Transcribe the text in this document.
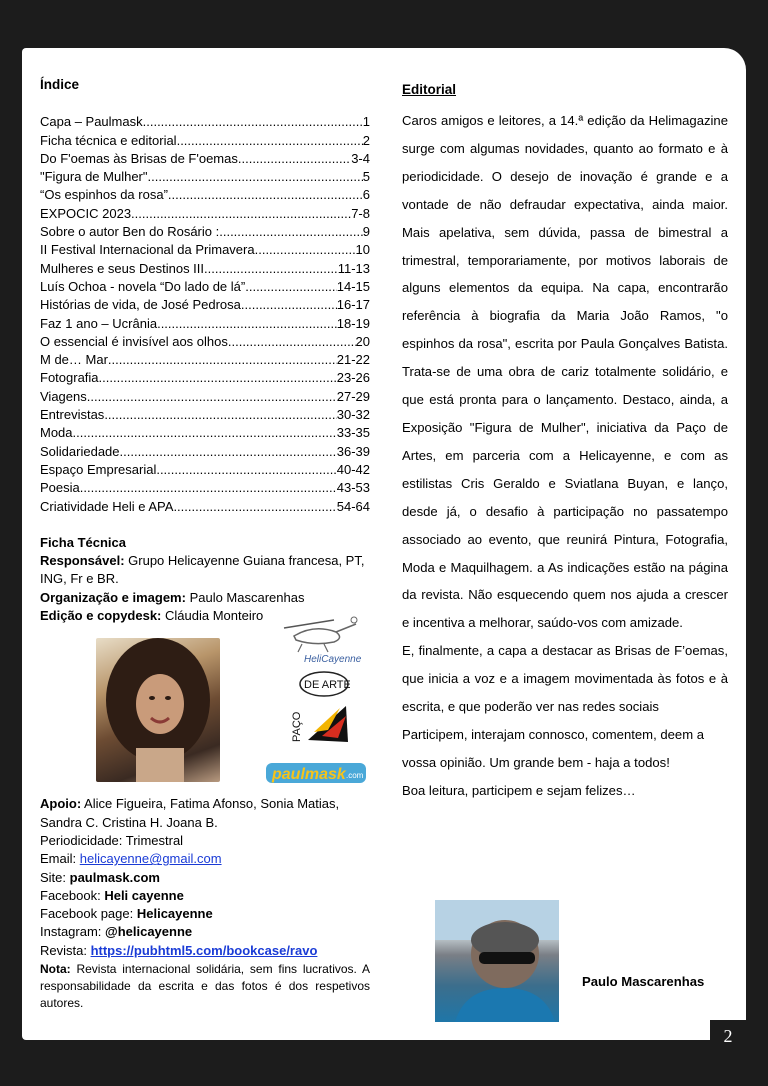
Índice
Capa – Paulmask .....	1
Ficha técnica e editorial .....	2
Do F'oemas às Brisas de F'oemas .....	3-4
"Figura de Mulher" .....	5
“Os espinhos da rosa” .....	6
EXPOCIC 2023 .....	7-8
Sobre o autor Ben do Rosário : .....	9
II Festival Internacional da Primavera .....	10
Mulheres e seus Destinos III .....	11-13
Luís Ochoa - novela “Do lado de lá” .....	14-15
Histórias de vida, de José Pedrosa .....	16-17
Faz 1 ano – Ucrânia .....	18-19
O essencial é invisível aos olhos .....	20
M de… Mar .....	21-22
Fotografia .....	23-26
Viagens .....	27-29
Entrevistas .....	30-32
Moda .....	33-35
Solidariedade .....	36-39
Espaço Empresarial .....	40-42
Poesia .....	43-53
Criatividade Heli e APA .....	54-64
Ficha Técnica
Responsável: Grupo Helicayenne Guiana francesa, PT, ING, Fr e BR.
Organização e imagem: Paulo Mascarenhas
Edição e copydesk: Cláudia Monteiro
Apoio: Alice Figueira, Fatima Afonso, Sonia Matias, Sandra C. Cristina H. Joana B.
Periodicidade: Trimestral
Email: helicayenne@gmail.com
Site: paulmask.com
Facebook: Heli cayenne
Facebook page: Helicayenne
Instagram: @helicayenne
Revista: https://pubhtml5.com/bookcase/ravo
Nota: Revista internacional solidária, sem fins lucrativos. A responsabilidade da escrita e das fotos é dos respetivos autores.
HeliCayenne
DE ARTE
PAÇO
paulmask .com
Editorial

Caros amigos e leitores, a 14.ª edição da Helimagazine surge com algumas novidades, quanto ao formato e à periodicidade. O desejo de inovação é grande e a vontade de não defraudar expectativa, ainda maior. Mais apelativa, sem dúvida, passa de bimestral a trimestral, temporariamente, por motivos laborais de alguns elementos da equipa. Na capa, encontrarão referência à biografia da Maria João Ramos, "o espinhos da rosa", escrita por Paula Gonçalves Batista. Trata-se de uma obra de cariz totalmente solidário, e que está pronta para o lançamento. Destaco, ainda, a Exposição "Figura de Mulher", iniciativa da Paço de Artes, em parceria com a Helicayenne, e com as estilistas Cris Geraldo e Sviatlana Buyan, e lanço, desde já, o desafio à participação no passatempo associado ao evento, que reunirá Pintura, Fotografia, Moda e Maquilhagem. a As indicações estão na página da revista. Não esquecendo quem nos ajuda a crescer e incentiva a melhorar, saúdo-vos com amizade.

E, finalmente, a capa a destacar as Brisas de F’oemas, que inicia a voz e a imagem movimentada às fotos e à escrita, e que poderão ver nas redes sociais

Participem, interajam connosco, comentem, deem a vossa opinião. Um grande bem - haja a todos!

Boa leitura, participem e sejam felizes…

Paulo Mascarenhas
2
